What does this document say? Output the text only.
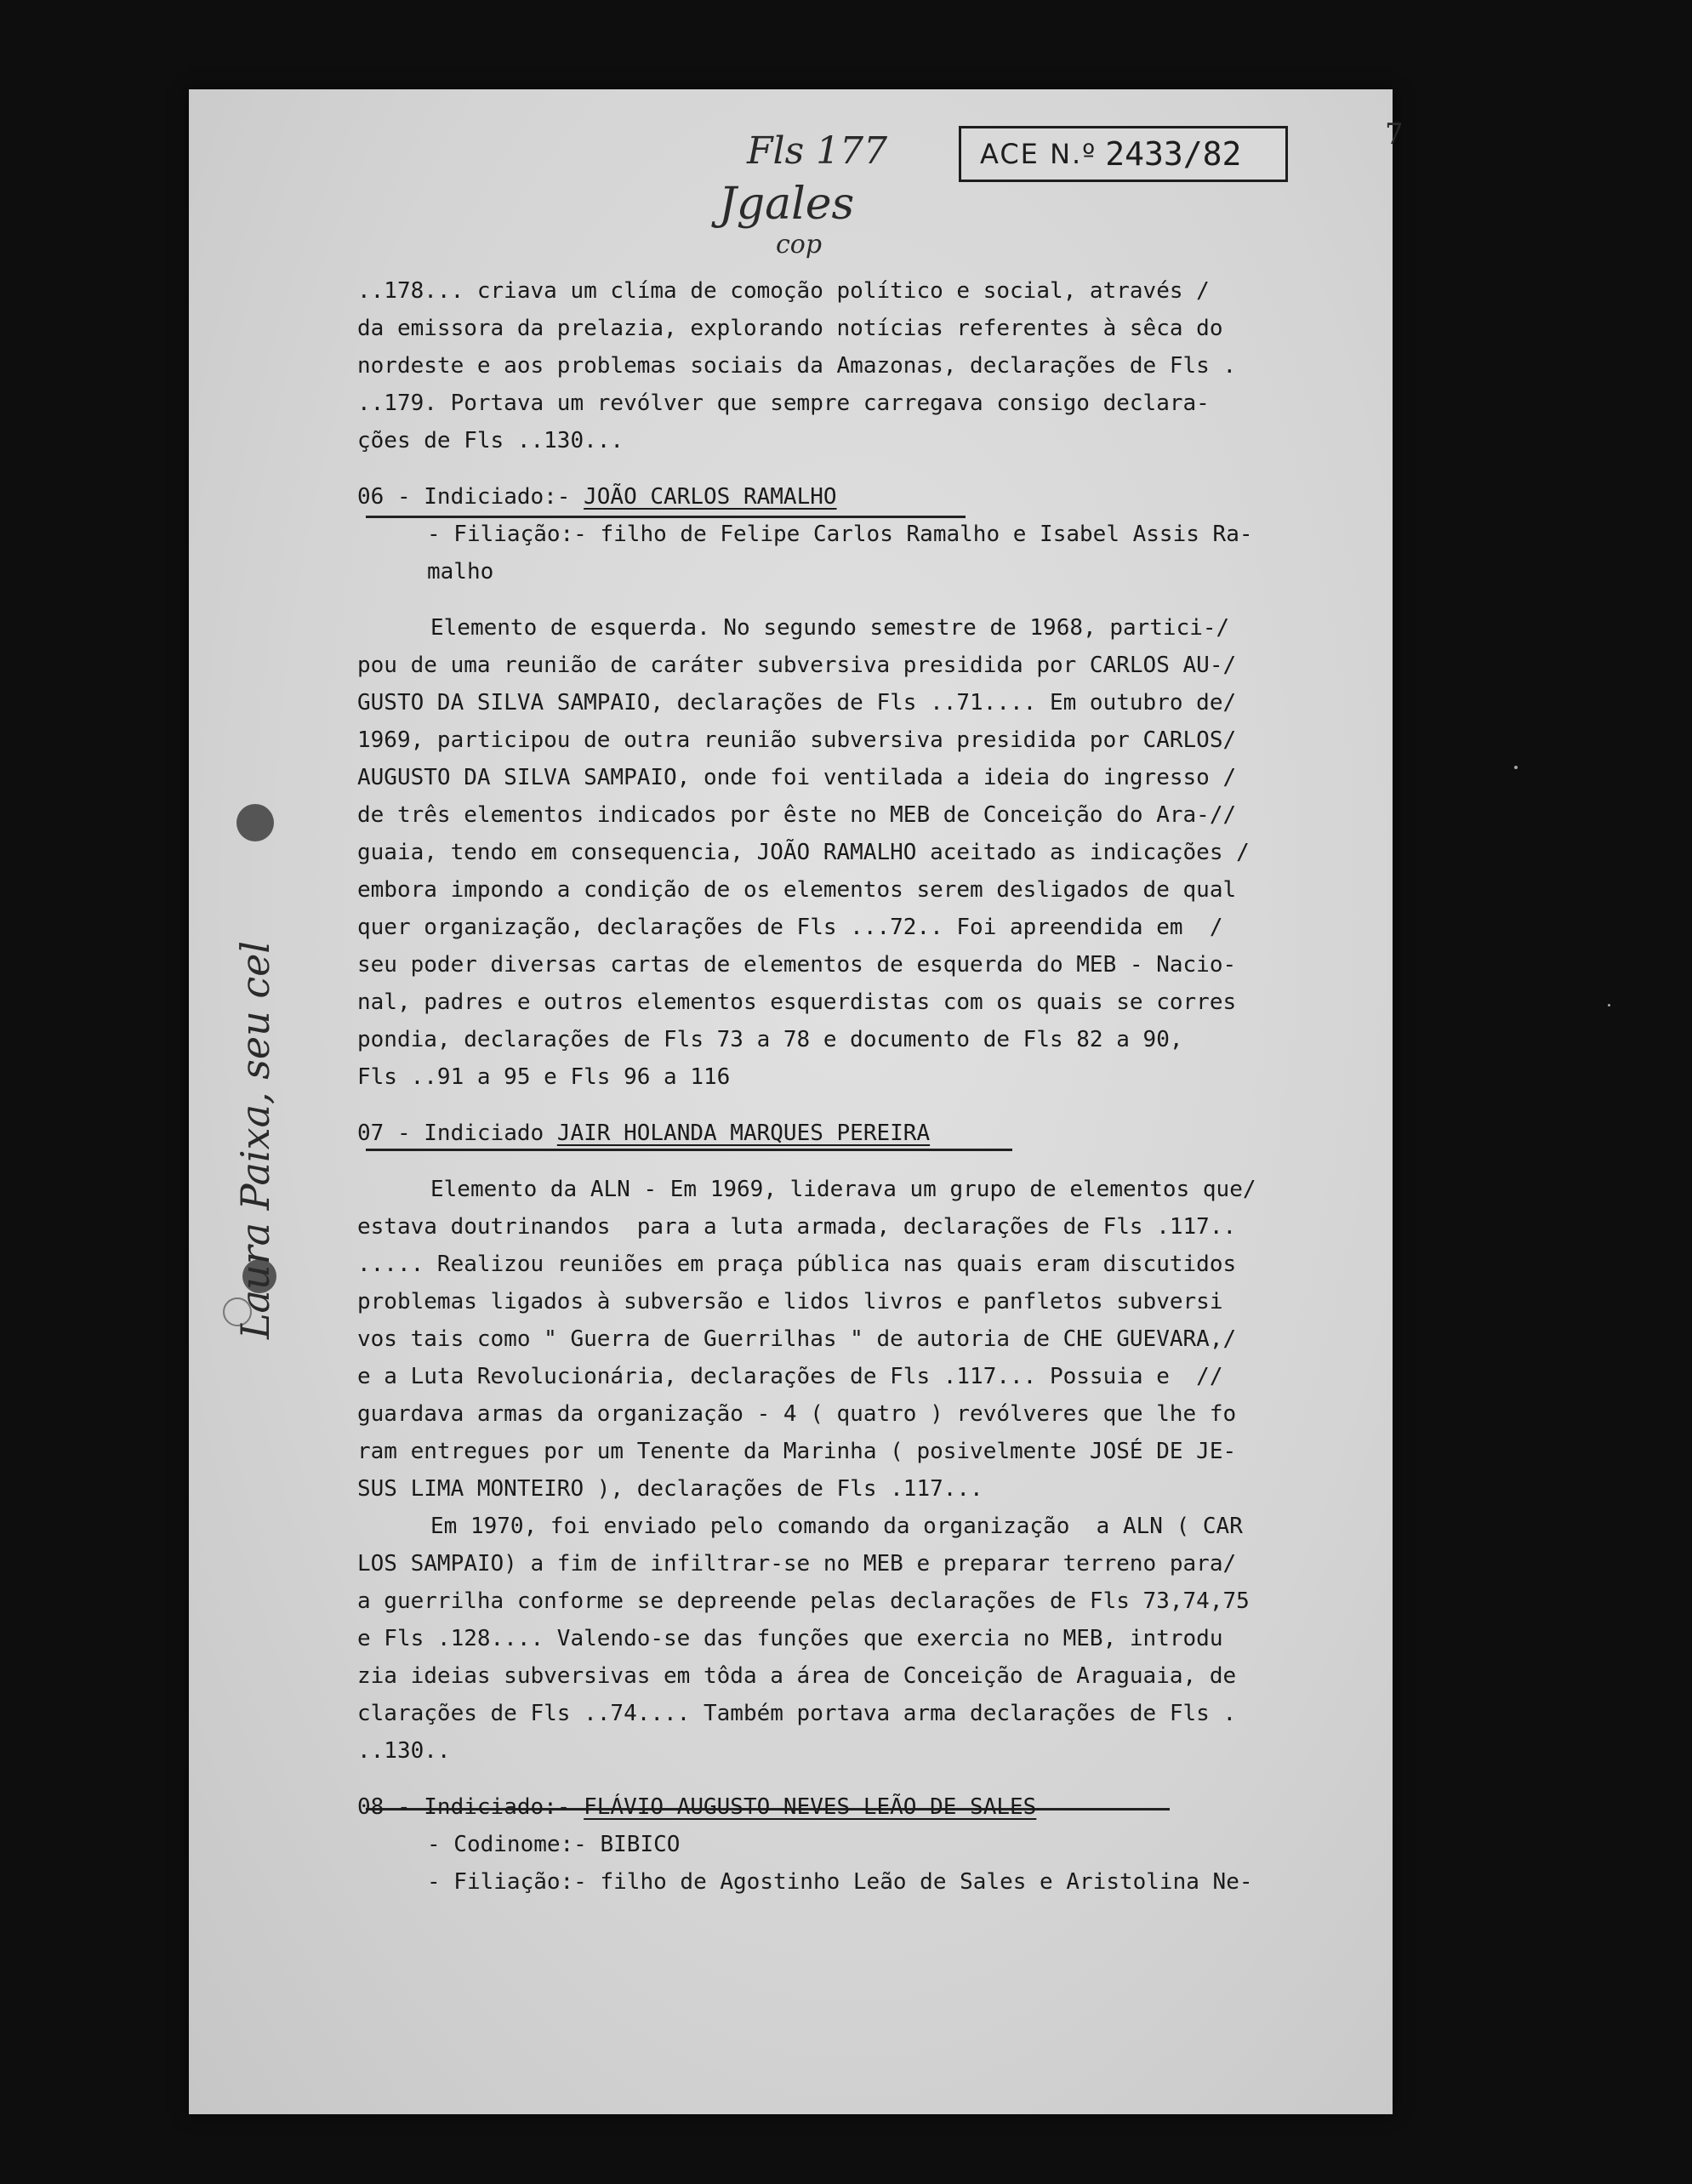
Fls 177
Jgales
cop
ACE N.º 2433/82
7
Laura Paixa, seu cel

..178... criava um clíma de comoção político e social, através /

da emissora da prelazia, explorando notícias referentes à sêca do

nordeste e aos problemas sociais da Amazonas, declarações de Fls .

..179. Portava um revólver que sempre carregava consigo declara-

ções de Fls ..130...

06 - Indiciado:- JOÃO CARLOS RAMALHO

- Filiação:- filho de Felipe Carlos Ramalho e Isabel Assis Ra-

malho

Elemento de esquerda. No segundo semestre de 1968, partici-/

pou de uma reunião de caráter subversiva presidida por CARLOS AU-/

GUSTO DA SILVA SAMPAIO, declarações de Fls ..71.... Em outubro de/

1969, participou de outra reunião subversiva presidida por CARLOS/

AUGUSTO DA SILVA SAMPAIO, onde foi ventilada a ideia do ingresso /

de três elementos indicados por êste no MEB de Conceição do Ara-//

guaia, tendo em consequencia, JOÃO RAMALHO aceitado as indicações /

embora impondo a condição de os elementos serem desligados de qual

quer organização, declarações de Fls ...72.. Foi apreendida em  /

seu poder diversas cartas de elementos de esquerda do MEB - Nacio-

nal, padres e outros elementos esquerdistas com os quais se corres

pondia, declarações de Fls 73 a 78 e documento de Fls 82 a 90,

Fls ..91 a 95 e Fls 96 a 116

07 - Indiciado JAIR HOLANDA MARQUES PEREIRA

Elemento da ALN - Em 1969, liderava um grupo de elementos que/

estava doutrinandos  para a luta armada, declarações de Fls .117..

..... Realizou reuniões em praça pública nas quais eram discutidos

problemas ligados à subversão e lidos livros e panfletos subversi

vos tais como " Guerra de Guerrilhas " de autoria de CHE GUEVARA,/

e a Luta Revolucionária, declarações de Fls .117... Possuia e  //

guardava armas da organização - 4 ( quatro ) revólveres que lhe fo

ram entregues por um Tenente da Marinha ( posivelmente JOSÉ DE JE-

SUS LIMA MONTEIRO ), declarações de Fls .117...

Em 1970, foi enviado pelo comando da organização  a ALN ( CAR

LOS SAMPAIO) a fim de infiltrar-se no MEB e preparar terreno para/

a guerrilha conforme se depreende pelas declarações de Fls 73,74,75

e Fls .128.... Valendo-se das funções que exercia no MEB, introdu

zia ideias subversivas em tôda a área de Conceição de Araguaia, de

clarações de Fls ..74.... Também portava arma declarações de Fls .

..130..

08 - Indiciado:- FLÁVIO AUGUSTO NEVES LEÃO DE SALES

- Codinome:- BIBICO

- Filiação:- filho de Agostinho Leão de Sales e Aristolina Ne-
